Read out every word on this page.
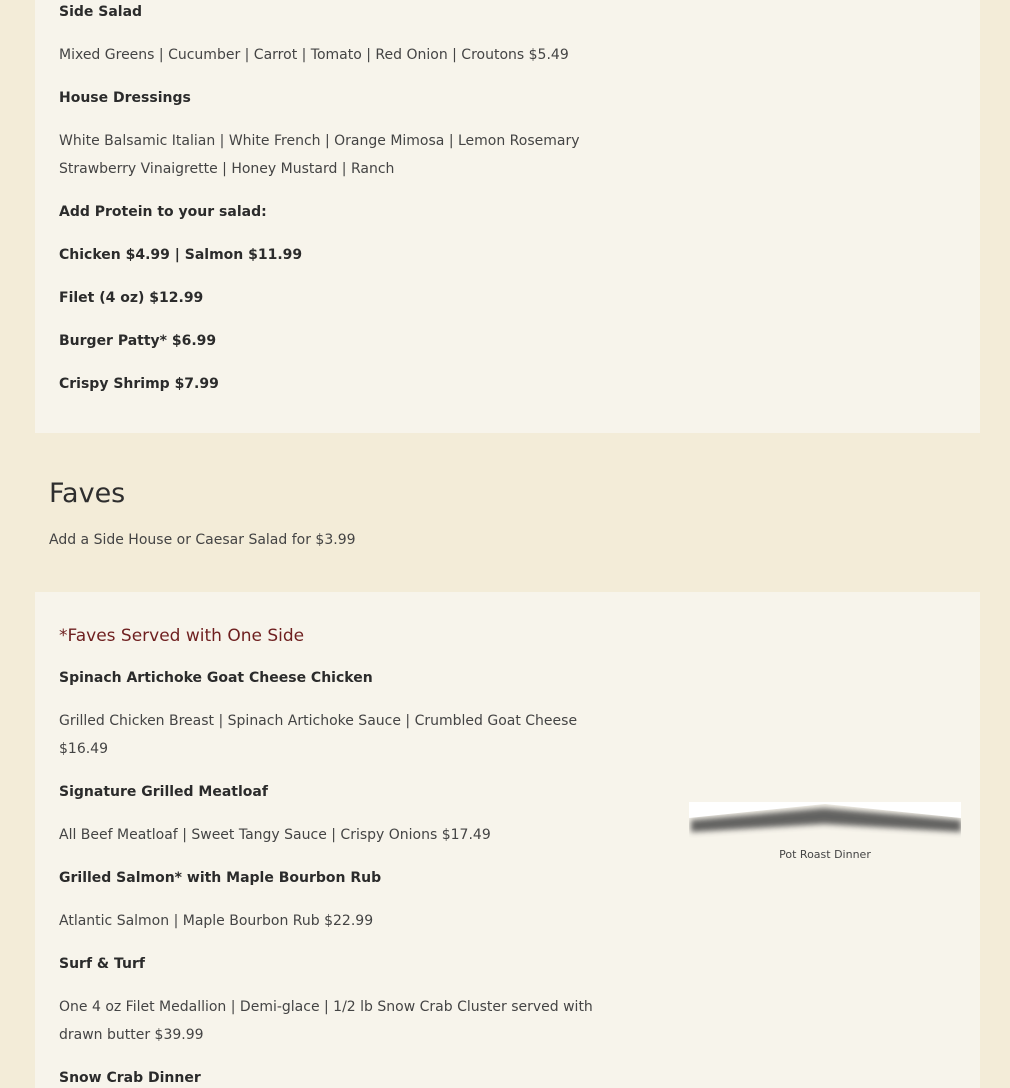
Side Salad
Mixed Greens | Cucumber | Carrot | Tomato | Red Onion | Croutons $5.49
House Dressings
White Balsamic Italian | White French | Orange Mimosa | Lemon Rosemary
Strawberry Vinaigrette | Honey Mustard | Ranch
Add Protein to your salad:
Chicken $4.99 | Salmon $11.99
Filet (4 oz) $12.99
Burger Patty* $6.99
Crispy Shrimp $7.99
Faves
Add a Side House or Caesar Salad for $3.99
*Faves Served with One Side
Spinach Artichoke Goat Cheese Chicken
Grilled Chicken Breast | Spinach Artichoke Sauce | Crumbled Goat Cheese
$16.49
Signature Grilled Meatloaf
All Beef Meatloaf | Sweet Tangy Sauce | Crispy Onions $17.49
Grilled Salmon* with Maple Bourbon Rub
Atlantic Salmon | Maple Bourbon Rub $22.99
Surf & Turf
One 4 oz Filet Medallion | Demi-glace | 1/2 lb Snow Crab Cluster served with
drawn butter $39.99
Snow Crab Dinner
Pot Roast Dinner
